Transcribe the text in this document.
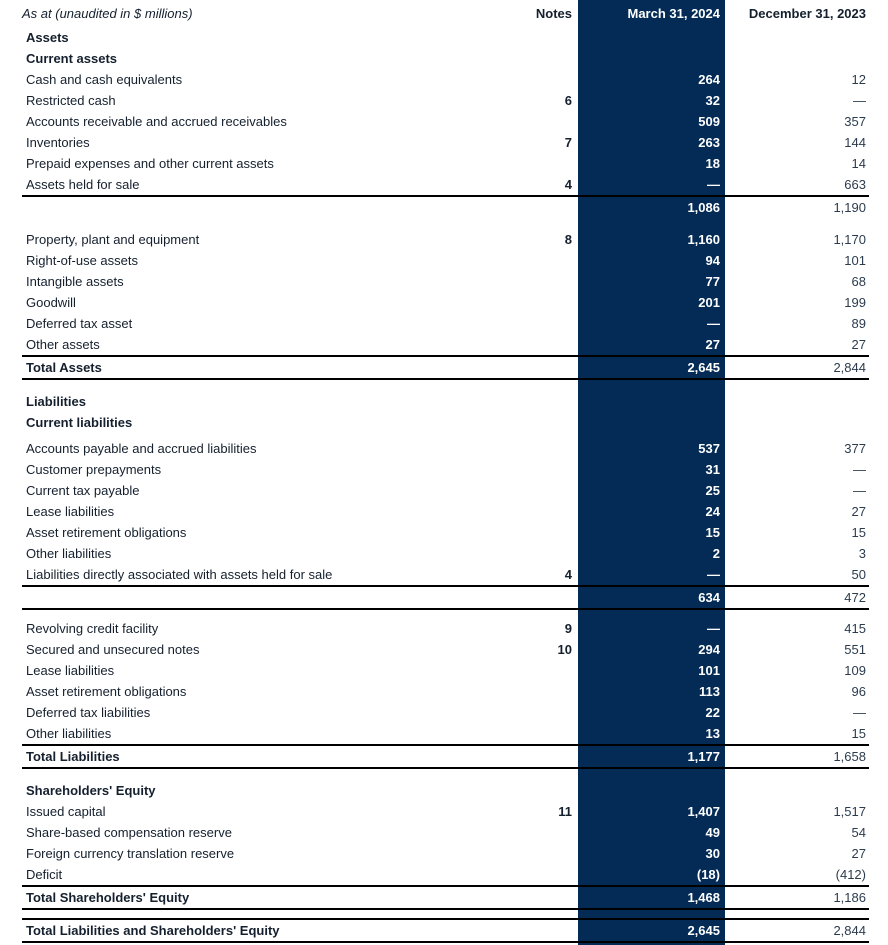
As at (unaudited in $ millions)	Notes	March 31, 2024	December 31, 2023
Assets			
Current assets			
Cash and cash equivalents		264	12
Restricted cash	6	32	—
Accounts receivable and accrued receivables		509	357
Inventories	7	263	144
Prepaid expenses and other current assets		18	14
Assets held for sale	4	—	663
		1,086	1,190

Property, plant and equipment	8	1,160	1,170
Right-of-use assets		94	101
Intangible assets		77	68
Goodwill		201	199
Deferred tax asset		—	89
Other assets		27	27
Total Assets		2,645	2,844

Liabilities			
Current liabilities			

Accounts payable and accrued liabilities		537	377
Customer prepayments		31	—
Current tax payable		25	—
Lease liabilities		24	27
Asset retirement obligations		15	15
Other liabilities		2	3
Liabilities directly associated with assets held for sale	4	—	50
		634	472

Revolving credit facility	9	—	415
Secured and unsecured notes	10	294	551
Lease liabilities		101	109
Asset retirement obligations		113	96
Deferred tax liabilities		22	—
Other liabilities		13	15
Total Liabilities		1,177	1,658

Shareholders' Equity			
Issued capital	11	1,407	1,517
Share-based compensation reserve		49	54
Foreign currency translation reserve		30	27
Deficit		(18)	(412)
Total Shareholders' Equity		1,468	1,186

Total Liabilities and Shareholders' Equity		2,645	2,844
